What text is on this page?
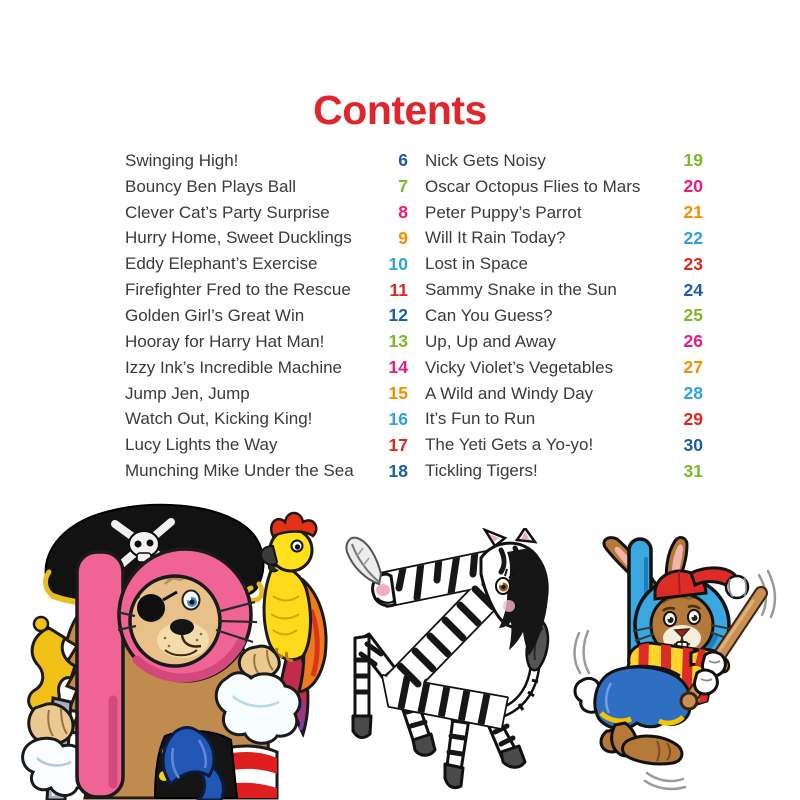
Contents
Swinging High!	6
Bouncy Ben Plays Ball	7
Clever Cat’s Party Surprise	8
Hurry Home, Sweet Ducklings	9
Eddy Elephant’s Exercise	10
Firefighter Fred to the Rescue	11
Golden Girl’s Great Win	12
Hooray for Harry Hat Man!	13
Izzy Ink’s Incredible Machine	14
Jump Jen, Jump	15
Watch Out, Kicking King!	16
Lucy Lights the Way	17
Munching Mike Under the Sea	18
Nick Gets Noisy	19
Oscar Octopus Flies to Mars	20
Peter Puppy’s Parrot	21
Will It Rain Today?	22
Lost in Space	23
Sammy Snake in the Sun	24
Can You Guess?	25
Up, Up and Away	26
Vicky Violet’s Vegetables	27
A Wild and Windy Day	28
It’s Fun to Run	29
The Yeti Gets a Yo-yo!	30
Tickling Tigers!	31
